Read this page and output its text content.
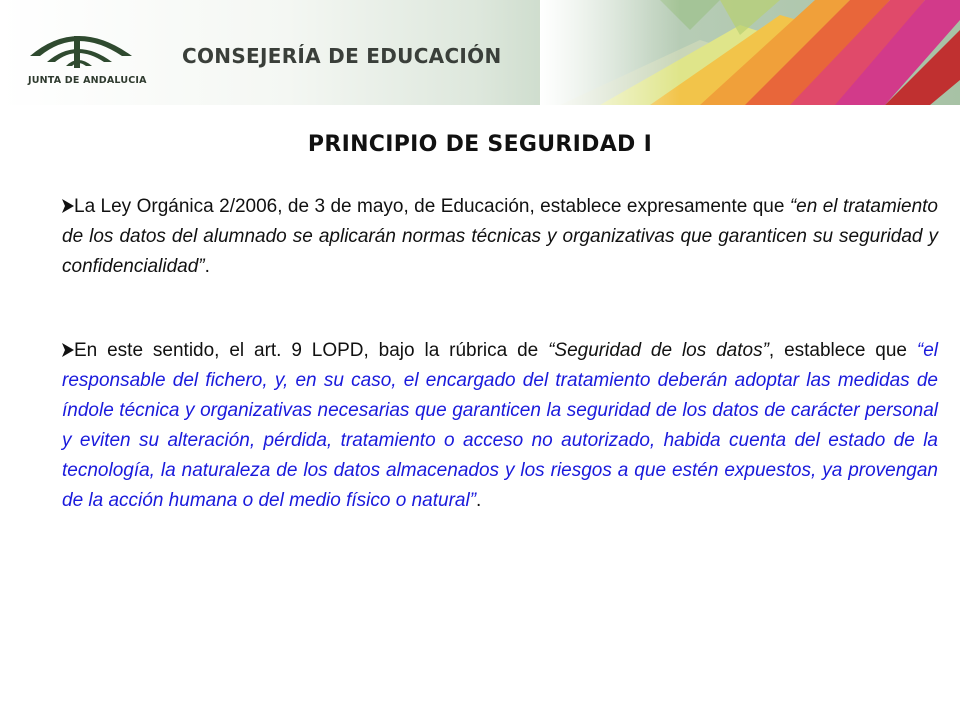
JUNTA DE ANDALUCIA
CONSEJERÍA DE EDUCACIÓN
PRINCIPIO DE SEGURIDAD I
La Ley Orgánica 2/2006, de 3 de mayo, de Educación, establece expresamente que “en el tratamiento de los datos del alumnado se aplicarán normas técnicas y organizativas que garanticen su seguridad y confidencialidad”.
En este sentido, el art. 9 LOPD, bajo la rúbrica de “Seguridad de los datos”, establece que “el responsable del fichero, y, en su caso, el encargado del tratamiento deberán adoptar las medidas de índole técnica y organizativas necesarias que garanticen la seguridad de los datos de carácter personal y eviten su alteración, pérdida, tratamiento o acceso no autorizado, habida cuenta del estado de la tecnología, la naturaleza de los datos almacenados y los riesgos a que estén expuestos, ya provengan de la acción humana o del medio físico o natural”.
